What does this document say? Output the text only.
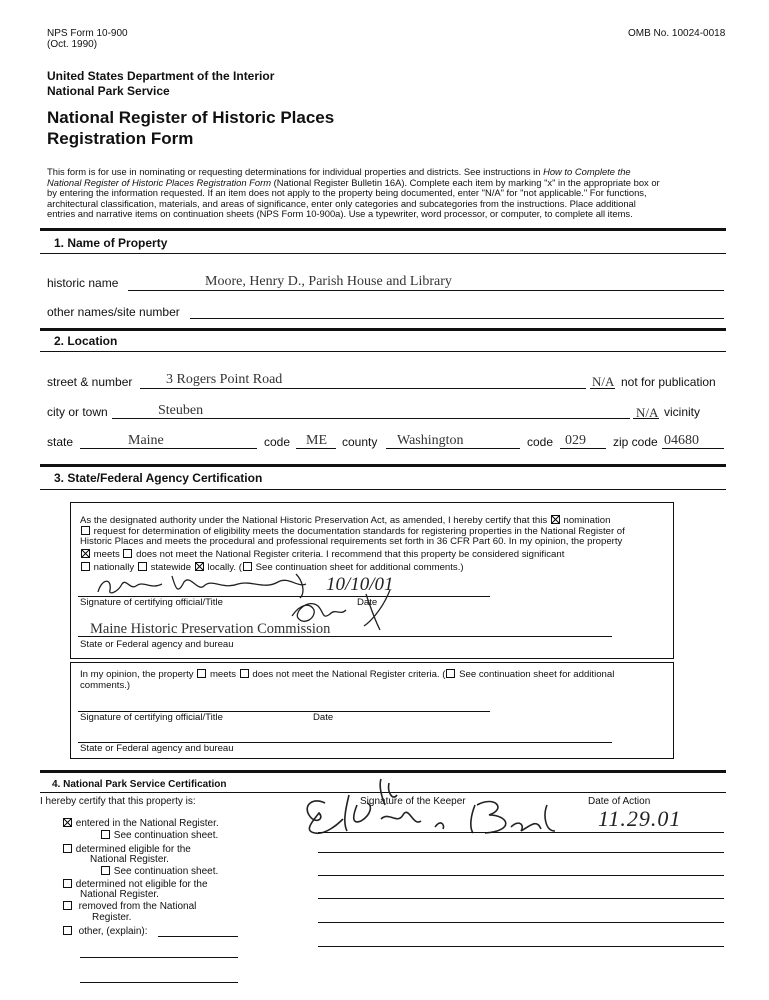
NPS Form 10-900
(Oct. 1990)
OMB No. 10024-0018
United States Department of the Interior
National Park Service
National Register of Historic Places
Registration Form
This form is for use in nominating or requesting determinations for individual properties and districts. See instructions in How to Complete the
National Register of Historic Places Registration Form (National Register Bulletin 16A). Complete each item by marking "x" in the appropriate box or
by entering the information requested. If an item does not apply to the property being documented, enter "N/A" for "not applicable." For functions,
architectural classification, materials, and areas of significance, enter only categories and subcategories from the instructions. Place additional
entries and narrative items on continuation sheets (NPS Form 10-900a). Use a typewriter, word processor, or computer, to complete all items.
1. Name of Property
historic name	Moore, Henry D., Parish House and Library
other names/site number
2. Location
street & number 3 Rogers Point Road	N/A not for publication
city or town	Steuben	N/A vicinity
state	Maine	code ME county Washington	code 029 zip code 04680
3. State/Federal Agency Certification
As the designated authority under the National Historic Preservation Act, as amended, I hereby certify that this nomination
request for determination of eligibility meets the documentation standards for registering properties in the National Register of
Historic Places and meets the procedural and professional requirements set forth in 36 CFR Part 60. In my opinion, the property
meets does not meet the National Register criteria. I recommend that this property be considered significant
nationally statewide locally. ( See continuation sheet for additional comments.)
10/10/01
Signature of certifying official/Title	Date
Maine Historic Preservation Commission
State or Federal agency and bureau
In my opinion, the property meets does not meet the National Register criteria. ( See continuation sheet for additional
comments.)
Signature of certifying official/Title	Date
State or Federal agency and bureau
4. National Park Service Certification
I hereby certify that this property is:	Signature of the Keeper	Date of Action
11.29.01
entered in the National Register.
See continuation sheet.
determined eligible for the
National Register.
See continuation sheet.
determined not eligible for the
National Register.
removed from the National
Register.
other, (explain):
